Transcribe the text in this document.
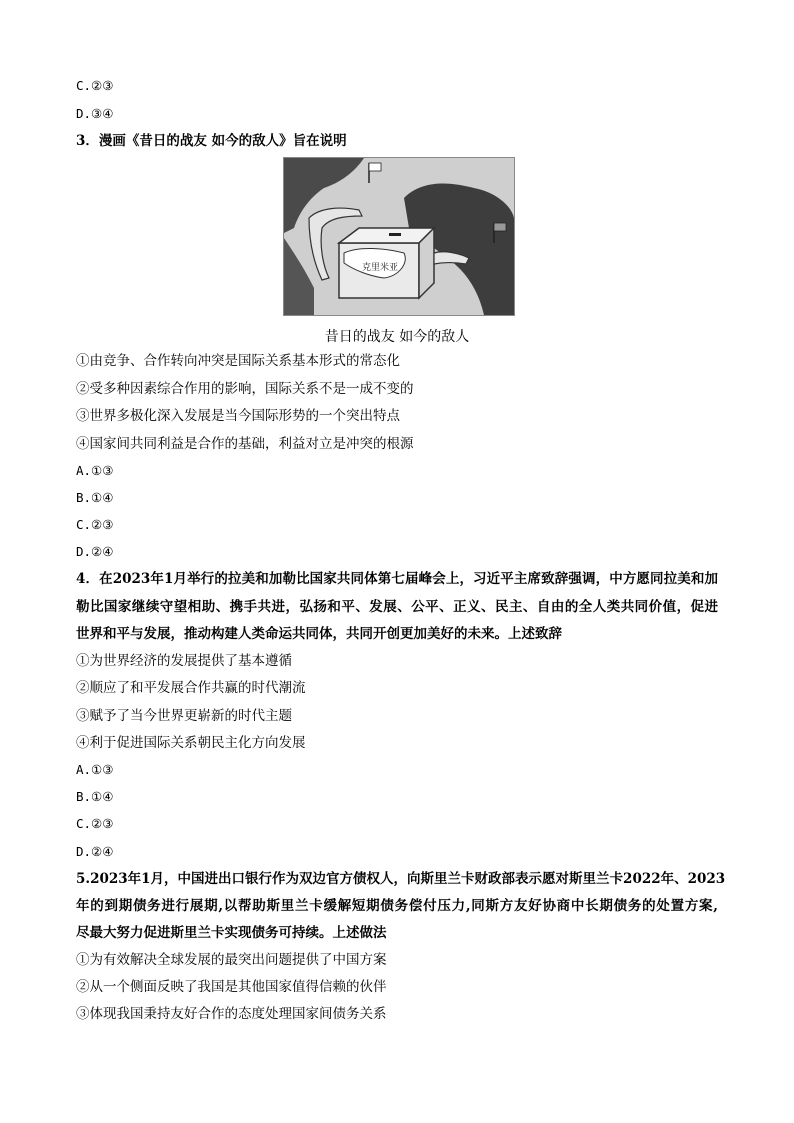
C.②③
D.③④
3．漫画《昔日的战友 如今的敌人》旨在说明
克里米亚
昔日的战友 如今的敌人
①由竞争、合作转向冲突是国际关系基本形式的常态化
②受多种因素综合作用的影响，国际关系不是一成不变的
③世界多极化深入发展是当今国际形势的一个突出特点
④国家间共同利益是合作的基础，利益对立是冲突的根源
A.①③
B.①④
C.②③
D.②④
4．在2023年1月举行的拉美和加勒比国家共同体第七届峰会上，习近平主席致辞强调，中方愿同拉美和加
勒比国家继续守望相助、携手共进，弘扬和平、发展、公平、正义、民主、自由的全人类共同价值，促进
世界和平与发展，推动构建人类命运共同体，共同开创更加美好的未来。上述致辞
①为世界经济的发展提供了基本遵循
②顺应了和平发展合作共赢的时代潮流
③赋予了当今世界更崭新的时代主题
④利于促进国际关系朝民主化方向发展
A.①③
B.①④
C.②③
D.②④
5.2023年1月，中国进出口银行作为双边官方债权人，向斯里兰卡财政部表示愿对斯里兰卡2022年、2023
年的到期债务进行展期,以帮助斯里兰卡缓解短期债务偿付压力,同斯方友好协商中长期债务的处置方案,
尽最大努力促进斯里兰卡实现债务可持续。上述做法
①为有效解决全球发展的最突出问题提供了中国方案
②从一个侧面反映了我国是其他国家值得信赖的伙伴
③体现我国秉持友好合作的态度处理国家间债务关系
